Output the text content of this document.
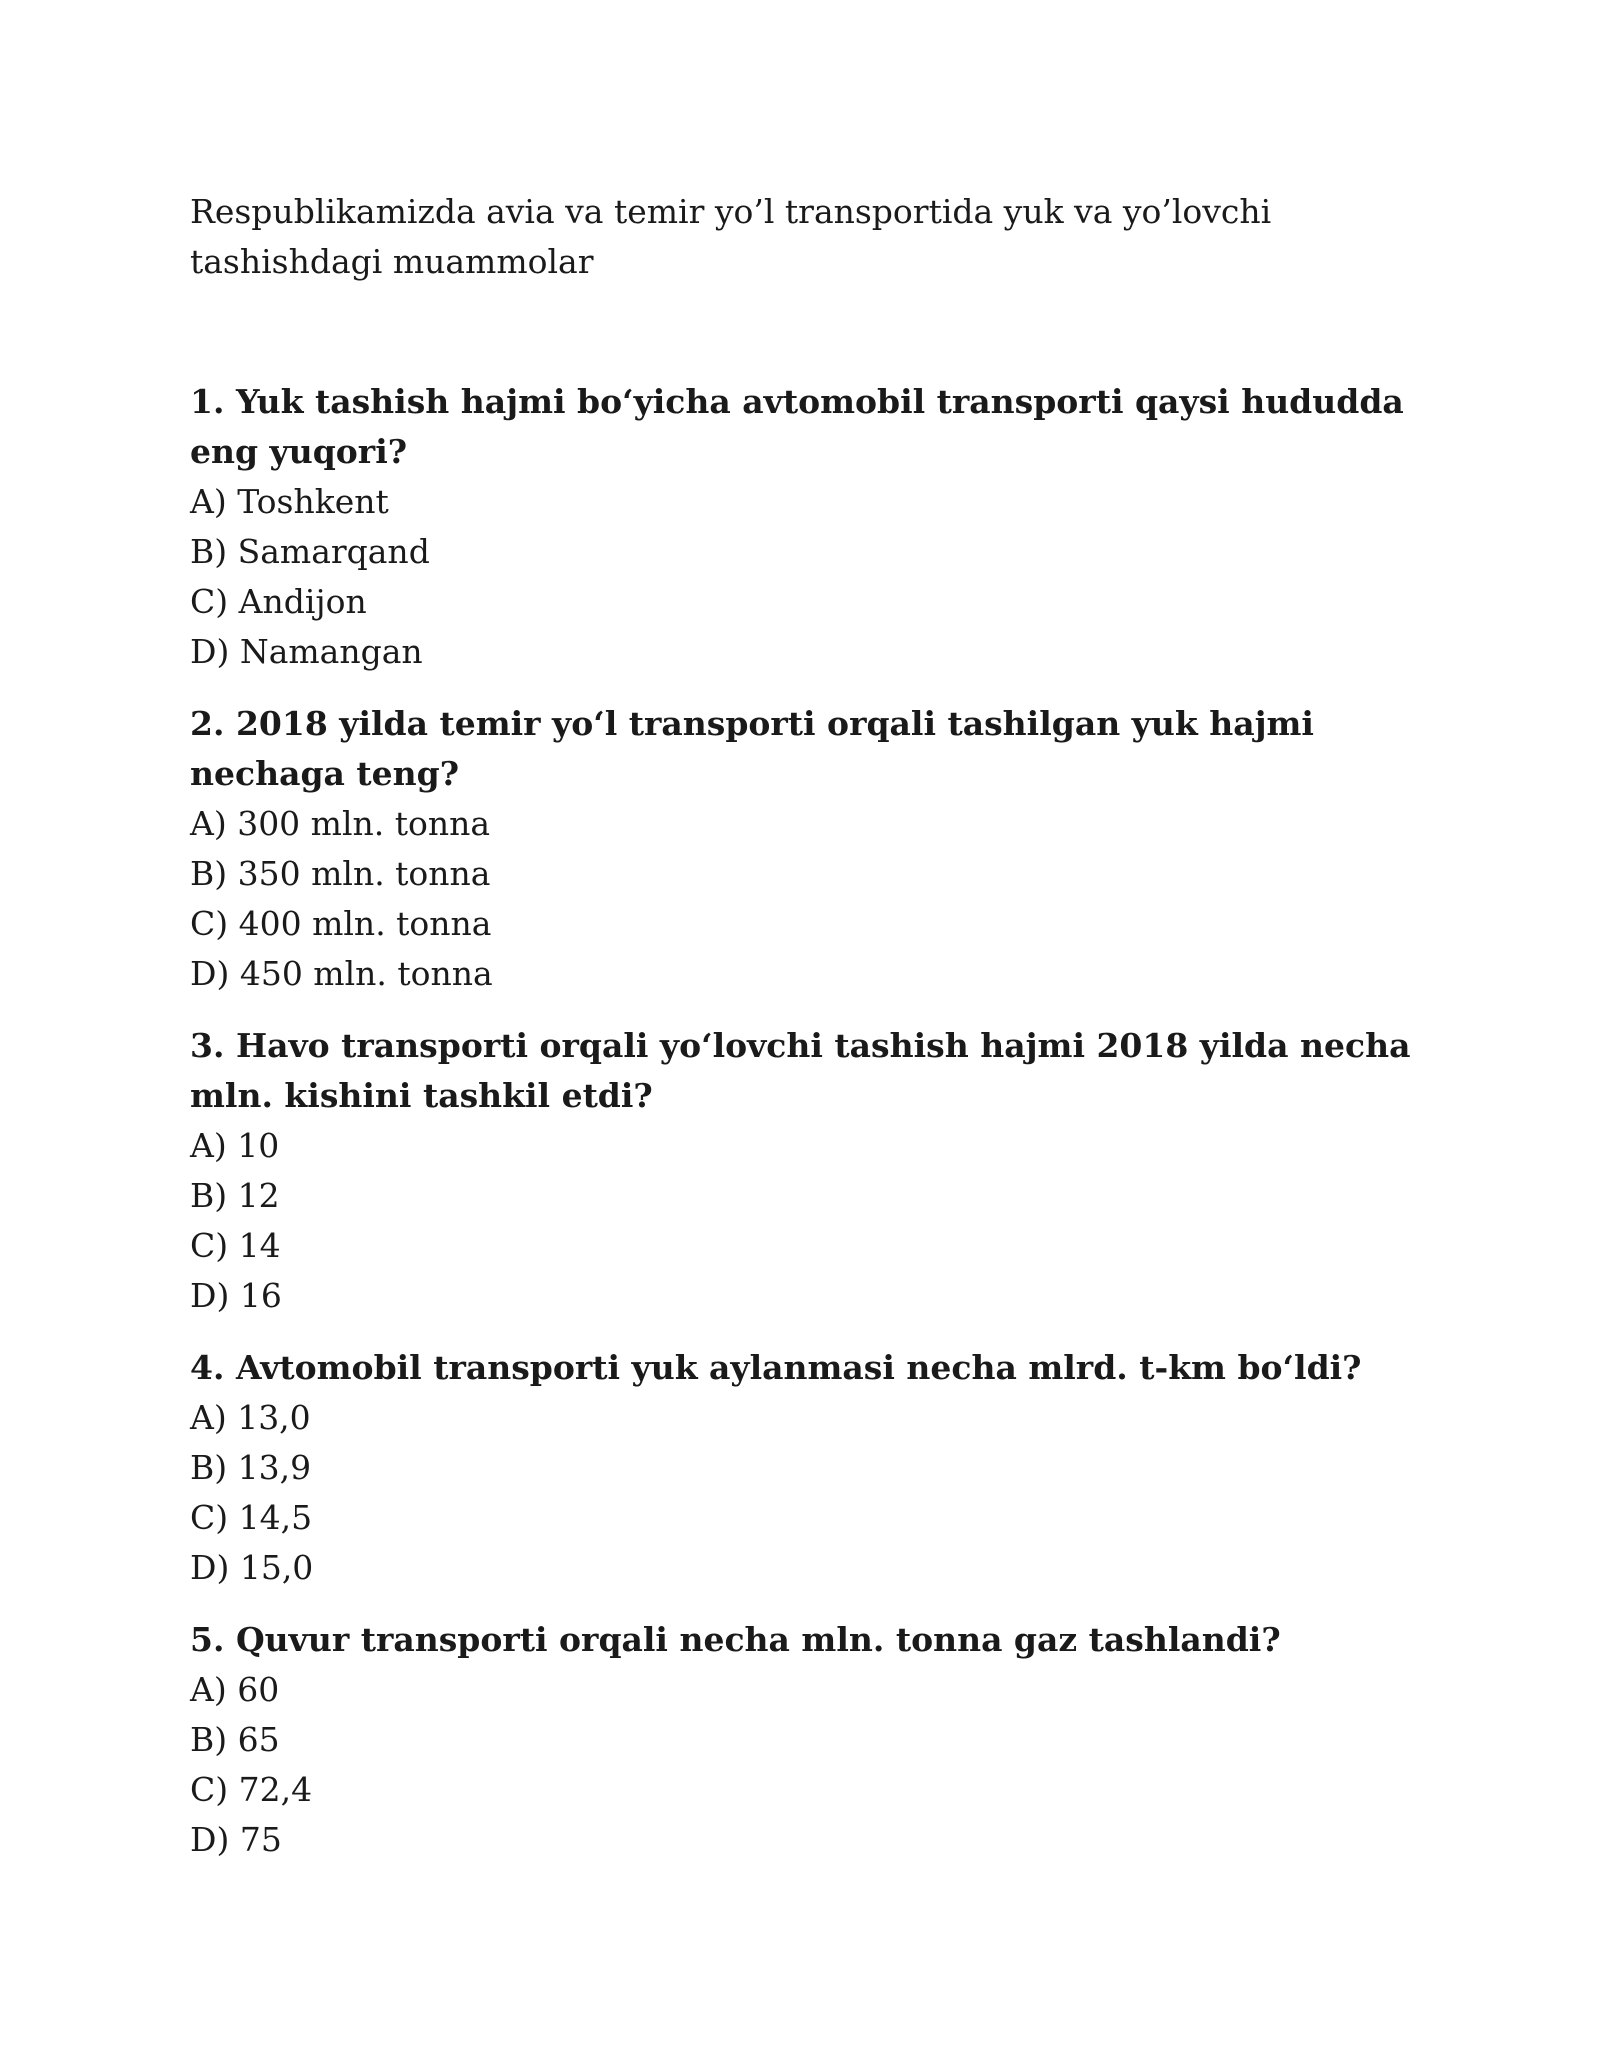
Respublikamizda avia va temir yo’l transportida yuk va yo’lovchi tashishdagi muammolar

1. Yuk tashish hajmi bo‘yicha avtomobil transporti qaysi hududda eng yuqori?

A) Toshkent
B) Samarqand
C) Andijon
D) Namangan

2. 2018 yilda temir yo‘l transporti orqali tashilgan yuk hajmi nechaga teng?

A) 300 mln. tonna
B) 350 mln. tonna
C) 400 mln. tonna
D) 450 mln. tonna

3. Havo transporti orqali yo‘lovchi tashish hajmi 2018 yilda necha mln. kishini tashkil etdi?

A) 10
B) 12
C) 14
D) 16

4. Avtomobil transporti yuk aylanmasi necha mlrd. t-km bo‘ldi?

A) 13,0
B) 13,9
C) 14,5
D) 15,0

5. Quvur transporti orqali necha mln. tonna gaz tashlandi?

A) 60
B) 65
C) 72,4
D) 75
